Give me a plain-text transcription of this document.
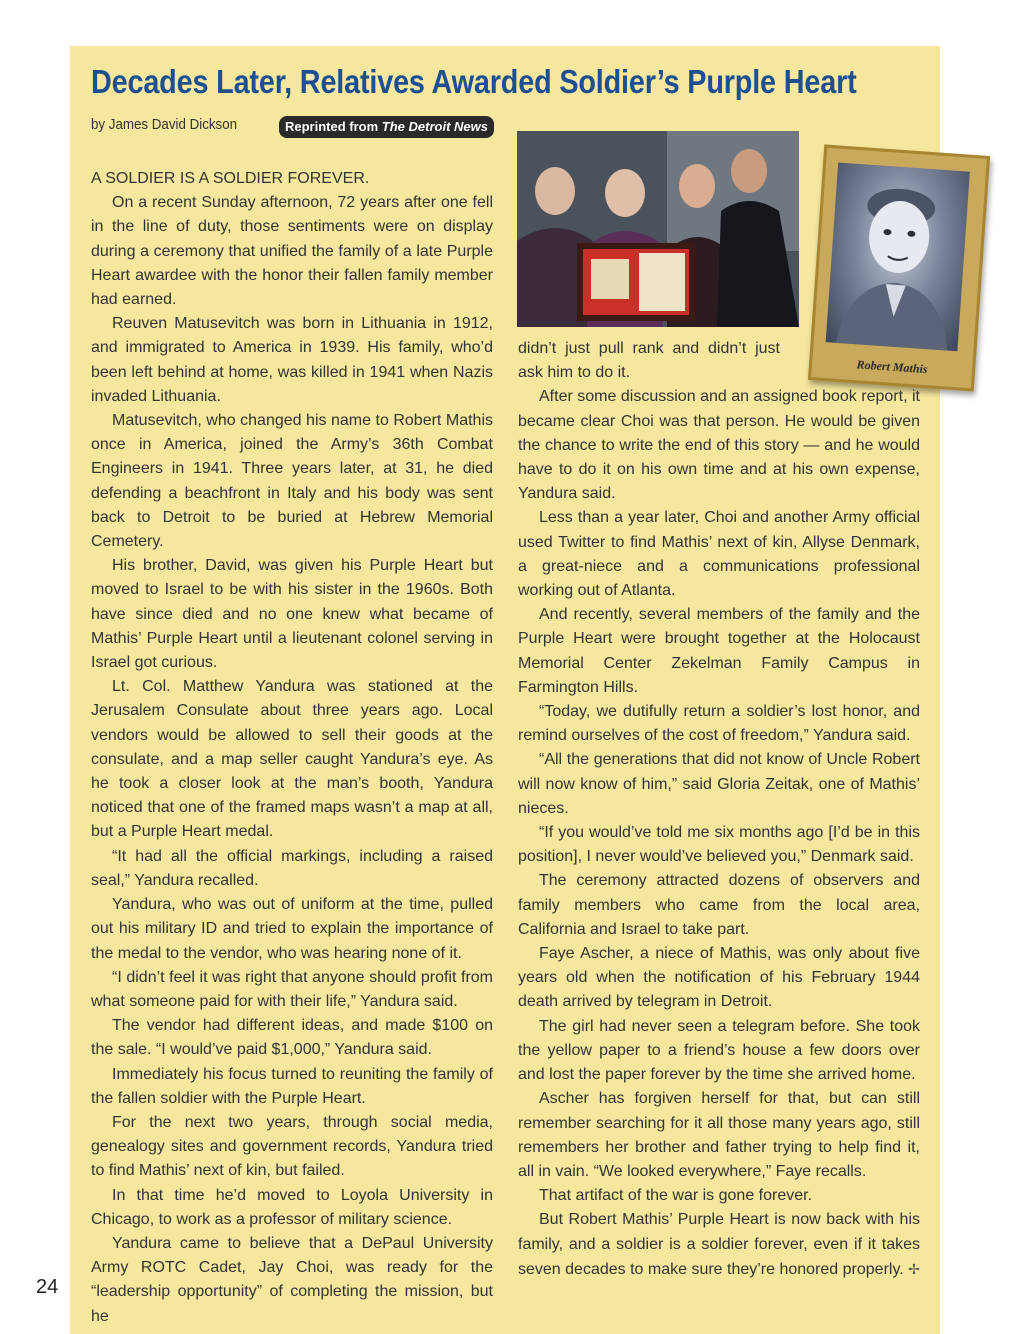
Decades Later, Relatives Awarded Soldier’s Purple Heart
by James David Dickson	Reprinted from The Detroit News
Robert Mathis

A SOLDIER IS A SOLDIER FOREVER.

On a recent Sunday afternoon, 72 years after one fell in the line of duty, those sentiments were on display during a ceremony that unified the family of a late Purple Heart awardee with the honor their fallen family member had earned.

Reuven Matusevitch was born in Lithuania in 1912, and immigrated to America in 1939. His family, who’d been left behind at home, was killed in 1941 when Nazis invaded Lithuania.

Matusevitch, who changed his name to Robert Mathis once in America, joined the Army’s 36th Combat Engineers in 1941. Three years later, at 31, he died defending a beachfront in Italy and his body was sent back to Detroit to be buried at Hebrew Memorial Cemetery.

His brother, David, was given his Purple Heart but moved to Israel to be with his sister in the 1960s. Both have since died and no one knew what became of Mathis’ Purple Heart until a lieutenant colonel serving in Israel got curious.

Lt. Col. Matthew Yandura was stationed at the Jerusalem Consulate about three years ago. Local vendors would be allowed to sell their goods at the consulate, and a map seller caught Yandura’s eye. As he took a closer look at the man’s booth, Yandura noticed that one of the framed maps wasn’t a map at all, but a Purple Heart medal.

“It had all the official markings, including a raised seal,” Yandura recalled.

Yandura, who was out of uniform at the time, pulled out his military ID and tried to explain the importance of the medal to the vendor, who was hearing none of it.

“I didn’t feel it was right that anyone should profit from what someone paid for with their life,” Yandura said.

The vendor had different ideas, and made $100 on the sale. “I would’ve paid $1,000,” Yandura said.

Immediately his focus turned to reuniting the family of the fallen soldier with the Purple Heart.

For the next two years, through social media, genealogy sites and government records, Yandura tried to find Mathis’ next of kin, but failed.

In that time he’d moved to Loyola University in Chicago, to work as a professor of military science.

Yandura came to believe that a DePaul University Army ROTC Cadet, Jay Choi, was ready for the “leadership opportunity” of completing the mission, but he

didn’t just pull rank and didn’t just ask him to do it.

After some discussion and an assigned book report, it became clear Choi was that person. He would be given the chance to write the end of this story — and he would have to do it on his own time and at his own expense, Yandura said.

Less than a year later, Choi and another Army official used Twitter to find Mathis’ next of kin, Allyse Denmark, a great-niece and a communications professional working out of Atlanta.

And recently, several members of the family and the Purple Heart were brought together at the Holocaust Memorial Center Zekelman Family Campus in Farmington Hills.

“Today, we dutifully return a soldier’s lost honor, and remind ourselves of the cost of freedom,” Yandura said.

“All the generations that did not know of Uncle Robert will now know of him,” said Gloria Zeitak, one of Mathis’ nieces.

“If you would’ve told me six months ago [I’d be in this position], I never would’ve believed you,” Denmark said.

The ceremony attracted dozens of observers and family members who came from the local area, California and Israel to take part.

Faye Ascher, a niece of Mathis, was only about five years old when the notification of his February 1944 death arrived by telegram in Detroit.

The girl had never seen a telegram before. She took the yellow paper to a friend’s house a few doors over and lost the paper forever by the time she arrived home.

Ascher has forgiven herself for that, but can still remember searching for it all those many years ago, still remembers her brother and father trying to help find it, all in vain. “We looked everywhere,” Faye recalls.

That artifact of the war is gone forever.

But Robert Mathis’ Purple Heart is now back with his family, and a soldier is a soldier forever, even if it takes seven decades to make sure they’re honored properly. ✢

24
